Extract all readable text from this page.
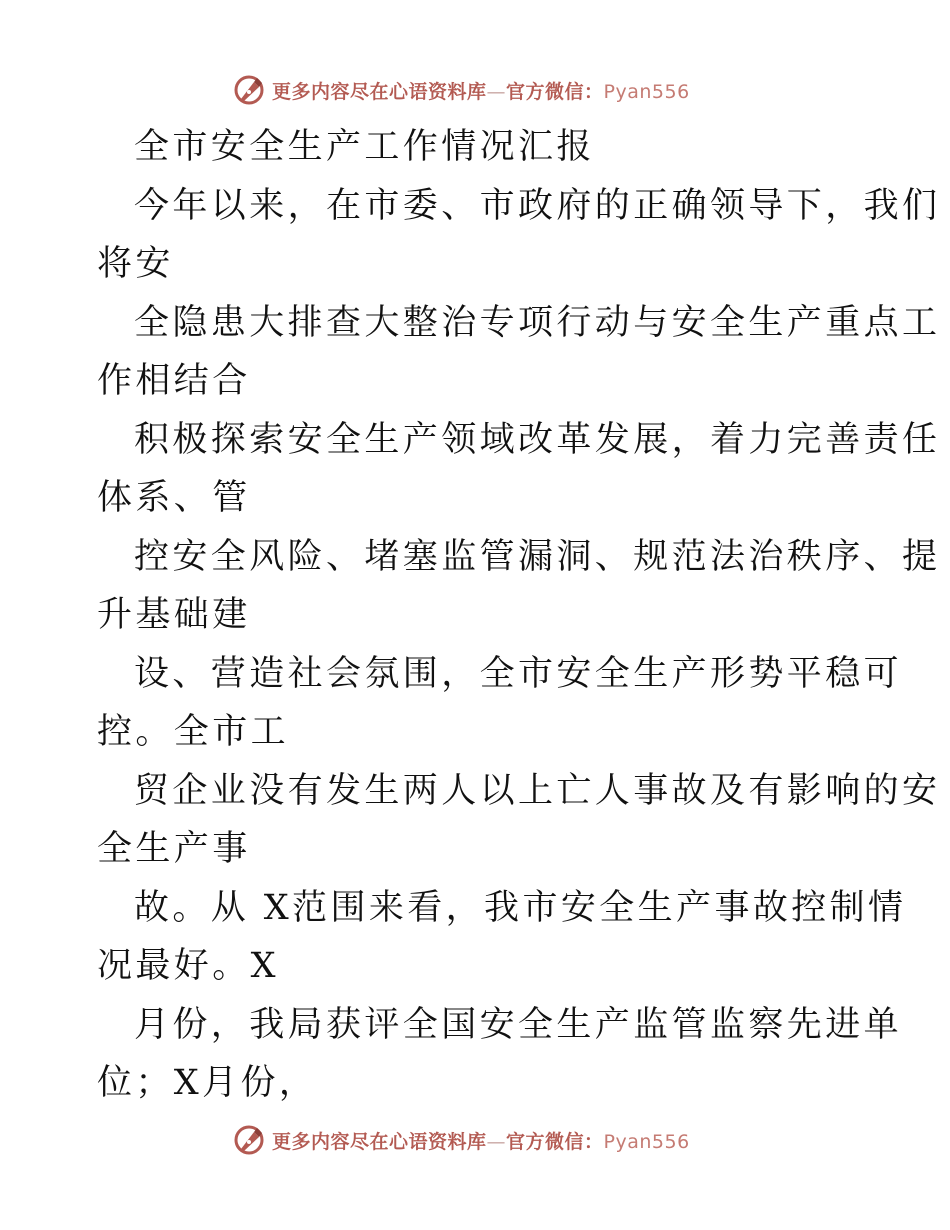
更多内容尽在心语资料库—官方微信：Pyan556
全市安全生产工作情况汇报
今年以来，在市委、市政府的正确领导下，我们
将安
全隐患大排查大整治专项行动与安全生产重点工
作相结合
积极探索安全生产领域改革发展，着力完善责任
体系、管
控安全风险、堵塞监管漏洞、规范法治秩序、提
升基础建
设、营造社会氛围，全市安全生产形势平稳可
控。全市工
贸企业没有发生两人以上亡人事故及有影响的安
全生产事
故。从 X范围来看，我市安全生产事故控制情
况最好。X
月份，我局获评全国安全生产监管监察先进单
位；X月份，
更多内容尽在心语资料库—官方微信：Pyan556
